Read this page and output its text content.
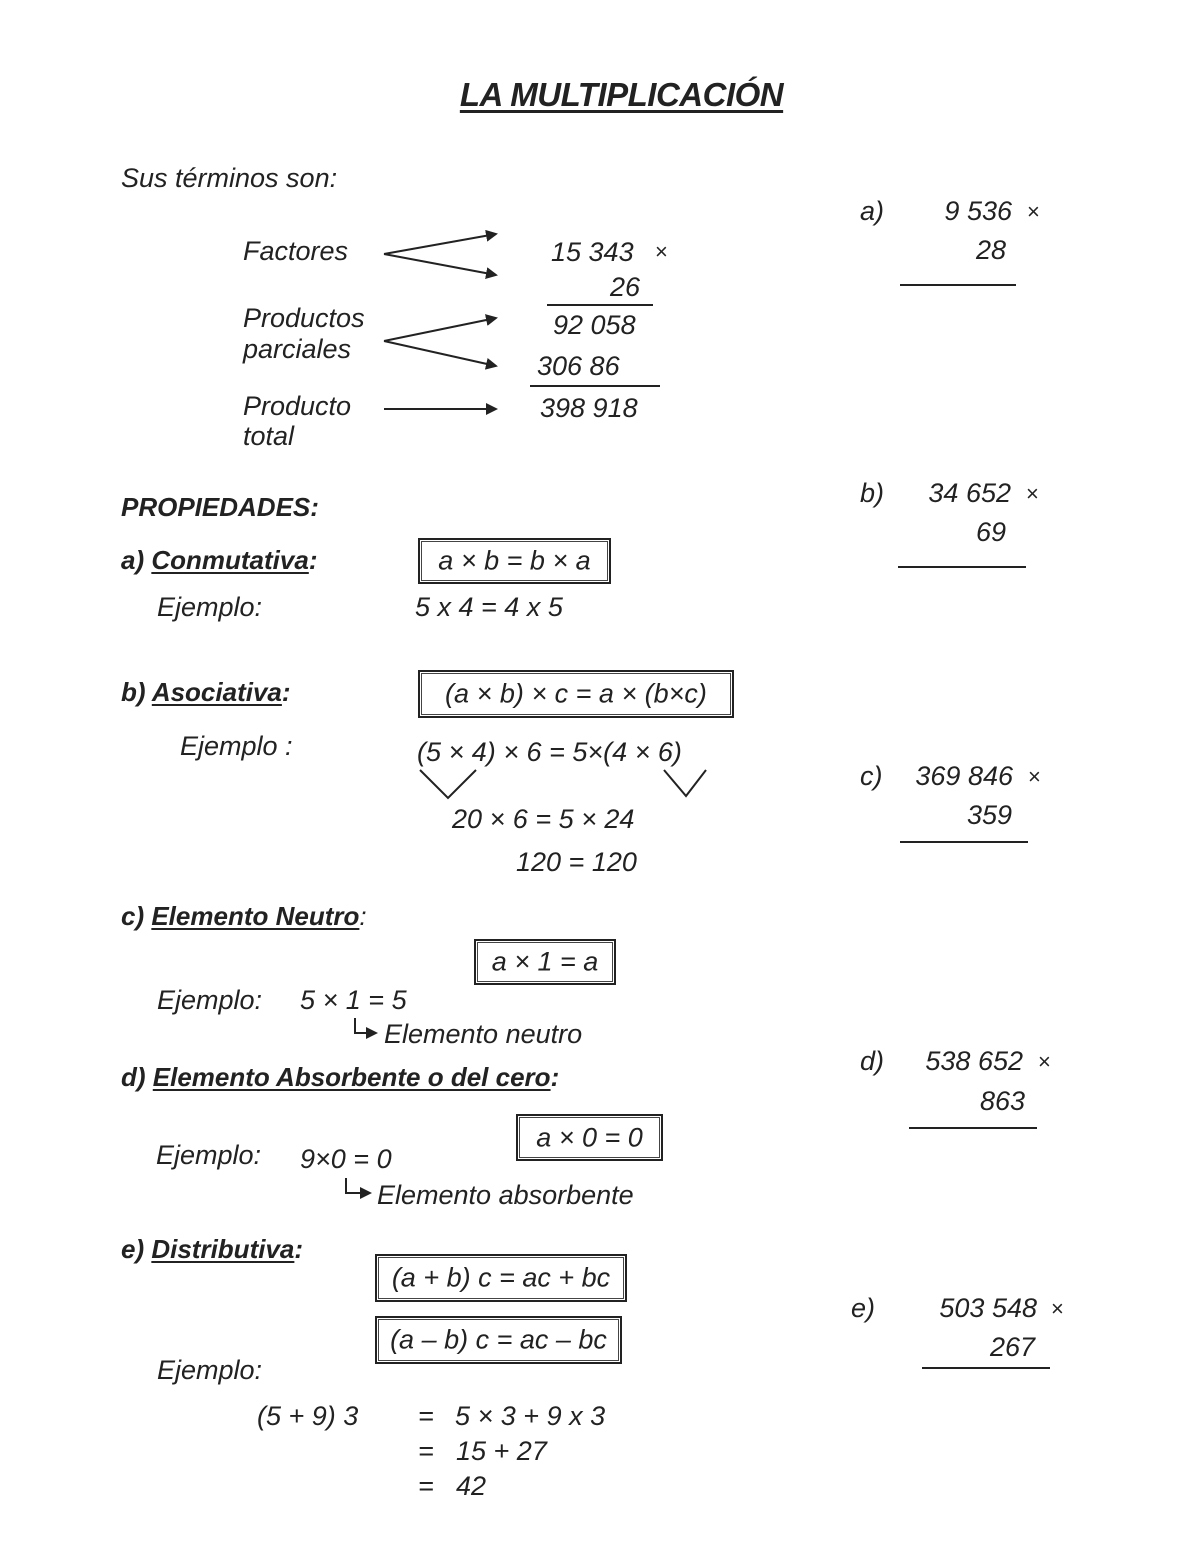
LA MULTIPLICACIÓN
Sus términos son:
Factores
Productos
parciales
Producto
total
15 343 ×
26
92 058
306 86
398 918
PROPIEDADES:
a) Conmutativa:	a × b = b × a
Ejemplo:	5 x 4 = 4 x 5
b) Asociativa:	(a × b) × c = a × (b×c)
Ejemplo :	(5 × 4) × 6 = 5×(4 × 6)
20 × 6 = 5 × 24
120 = 120
c) Elemento Neutro:
a × 1 = a
Ejemplo: 5 × 1 = 5
Elemento neutro
d) Elemento Absorbente o del cero:
a × 0 = 0
Ejemplo: 9×0 = 0
Elemento absorbente
e) Distributiva:
(a + b) c = ac + bc
(a – b) c = ac – bc
Ejemplo:
(5 + 9) 3 = 5 × 3 + 9 x 3
= 15 + 27
= 42
a)	9 536 ×
28
b)	34 652 ×
69
c)	369 846 ×
359
d)	538 652 ×
863
e)	503 548 ×
267
